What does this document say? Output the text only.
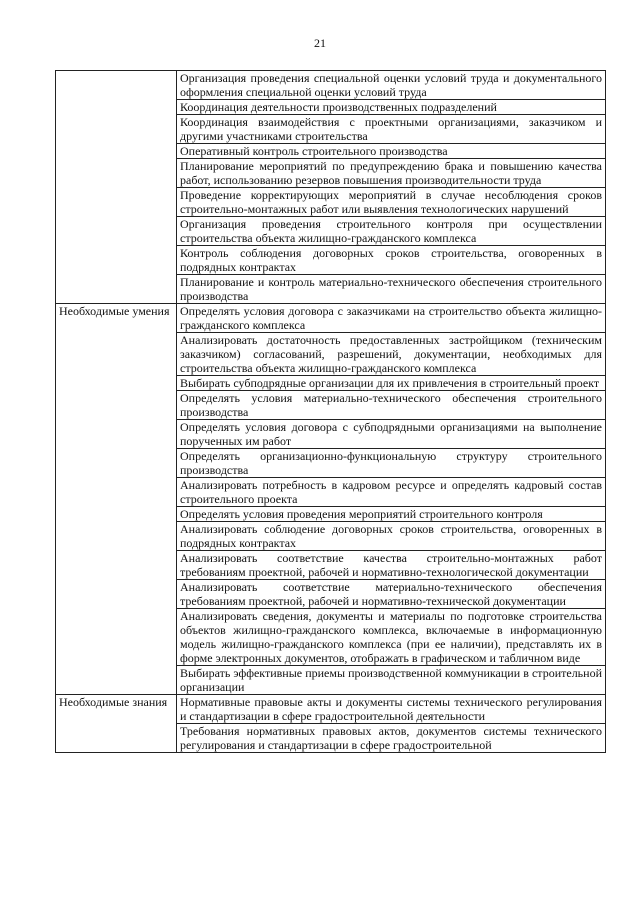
21

	Организация проведения специальной оценки условий труда и документального оформления специальной оценки условий труда

	Координация деятельности производственных подразделений

	Координация взаимодействия с проектными организациями, заказчиком и другими участниками строительства

	Оперативный контроль строительного производства

	Планирование мероприятий по предупреждению брака и повышению качества работ, использованию резервов повышения производительности труда

	Проведение корректирующих мероприятий в случае несоблюдения сроков строительно-монтажных работ или выявления технологических нарушений

	Организация проведения строительного контроля при осуществлении строительства объекта жилищно-гражданского комплекса

	Контроль соблюдения договорных сроков строительства, оговоренных в подрядных контрактах

	Планирование и контроль материально-технического обеспечения строительного производства

Необходимые умения	Определять условия договора с заказчиками на строительство объекта жилищно-гражданского комплекса

	Анализировать достаточность предоставленных застройщиком (техническим заказчиком) согласований, разрешений, документации, необходимых для строительства объекта жилищно-гражданского комплекса

	Выбирать субподрядные организации для их привлечения в строительный проект

	Определять условия материально-технического обеспечения строительного производства

	Определять условия договора с субподрядными организациями на выполнение порученных им работ

	Определять организационно-функциональную структуру строительного производства

	Анализировать потребность в кадровом ресурсе и определять кадровый состав строительного проекта

	Определять условия проведения мероприятий строительного контроля

	Анализировать соблюдение договорных сроков строительства, оговоренных в подрядных контрактах

	Анализировать соответствие качества строительно-монтажных работ требованиям проектной, рабочей и нормативно-технологической документации

	Анализировать соответствие материально-технического обеспечения требованиям проектной, рабочей и нормативно-технической документации

	Анализировать сведения, документы и материалы по подготовке строительства объектов жилищно-гражданского комплекса, включаемые в информационную модель жилищно-гражданского комплекса (при ее наличии), представлять их в форме электронных документов, отображать в графическом и табличном виде

	Выбирать эффективные приемы производственной коммуникации в строительной организации

Необходимые знания	Нормативные правовые акты и документы системы технического регулирования и стандартизации в сфере градостроительной деятельности

	Требования нормативных правовых актов, документов системы технического регулирования и стандартизации в сфере градостроительной
